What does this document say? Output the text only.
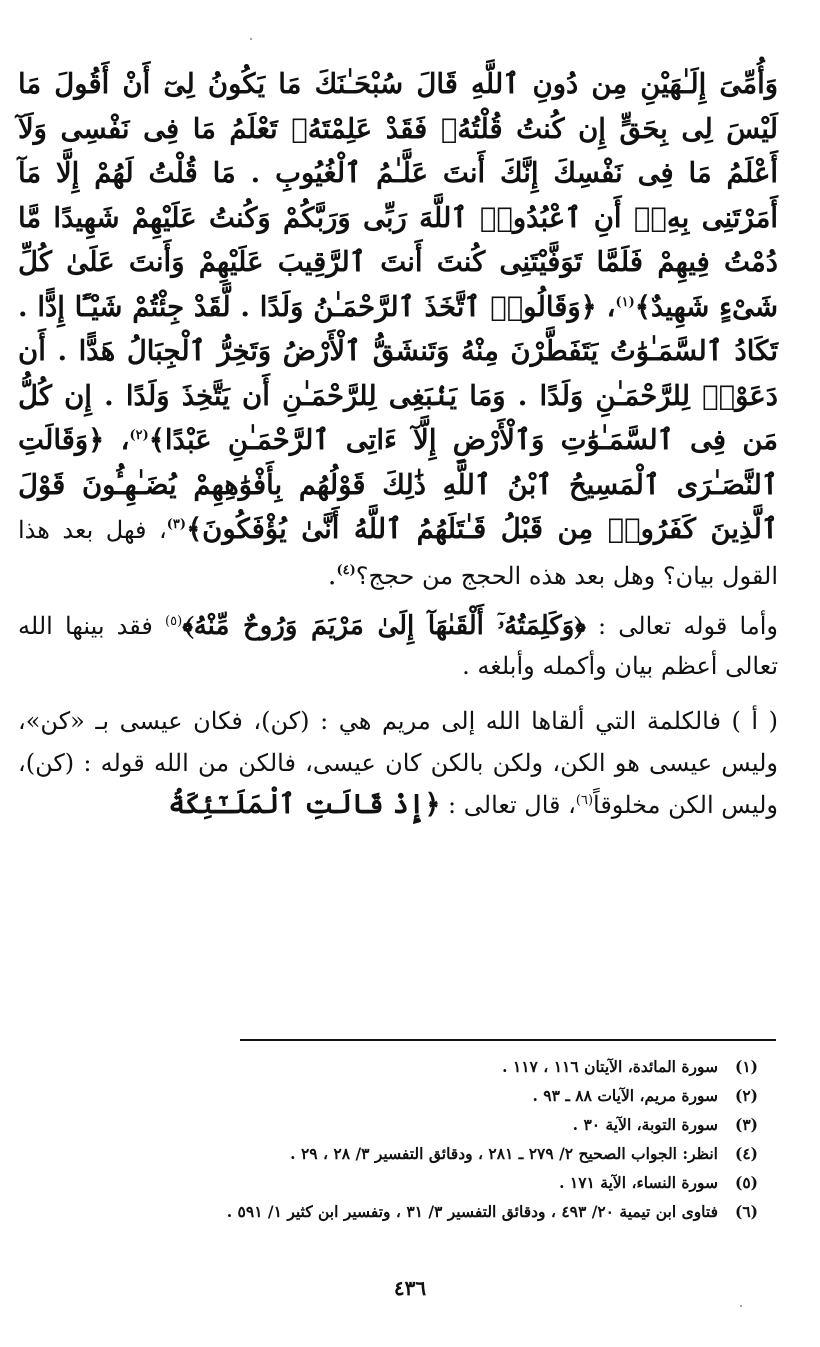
وَأُمِّىَ إِلَـٰهَيْنِ مِن دُونِ ٱللَّهِ قَالَ سُبْحَـٰنَكَ مَا يَكُونُ لِىٓ أَنْ أَقُولَ مَا لَيْسَ لِى بِحَقٍّ إِن كُنتُ قُلْتُهُۥ فَقَدْ عَلِمْتَهُۥ تَعْلَمُ مَا فِى نَفْسِى وَلَآ أَعْلَمُ مَا فِى نَفْسِكَ إِنَّكَ أَنتَ عَلَّـٰمُ ٱلْغُيُوبِ . مَا قُلْتُ لَهُمْ إِلَّا مَآ أَمَرْتَنِى بِهِۦٓ أَنِ ٱعْبُدُوا۟ ٱللَّهَ رَبِّى وَرَبَّكُمْ وَكُنتُ عَلَيْهِمْ شَهِيدًا مَّا دُمْتُ فِيهِمْ فَلَمَّا تَوَفَّيْتَنِى كُنتَ أَنتَ ٱلرَّقِيبَ عَلَيْهِمْ وَأَنتَ عَلَىٰ كُلِّ شَىْءٍ شَهِيدٌ﴾$^{(١)}$، ﴿وَقَالُوا۟ ٱتَّخَذَ ٱلرَّحْمَـٰنُ وَلَدًا . لَّقَدْ جِئْتُمْ شَيْـًٔا إِدًّا . تَكَادُ ٱلسَّمَـٰوَٰتُ يَتَفَطَّرْنَ مِنْهُ وَتَنشَقُّ ٱلْأَرْضُ وَتَخِرُّ ٱلْجِبَالُ هَدًّا . أَن دَعَوْا۟ لِلرَّحْمَـٰنِ وَلَدًا . وَمَا يَنۢبَغِى لِلرَّحْمَـٰنِ أَن يَتَّخِذَ وَلَدًا . إِن كُلُّ مَن فِى ٱلسَّمَـٰوَٰتِ وَٱلْأَرْضِ إِلَّآ ءَاتِى ٱلرَّحْمَـٰنِ عَبْدًا﴾$^{(٢)}$، ﴿وَقَالَتِ ٱلنَّصَـٰرَى ٱلْمَسِيحُ ٱبْنُ ٱللَّهِ ذَٰلِكَ قَوْلُهُم بِأَفْوَٰهِهِمْ يُضَـٰهِـُٔونَ قَوْلَ ٱلَّذِينَ كَفَرُوا۟ مِن قَبْلُ قَـٰتَلَهُمُ ٱللَّهُ أَنَّىٰ يُؤْفَكُونَ﴾$^{(٣)}$، فهل بعد هذا القول بيان؟ وهل بعد هذه الحجج من حجج؟$^{(٤)}$.

وأما قوله تعالى : ﴿وَكَلِمَتُهُۥٓ أَلْقَىٰهَآ إِلَىٰ مَرْيَمَ وَرُوحٌ مِّنْهُ﴾$^{(٥)}$ فقد بينها الله تعالى أعظم بيان وأكمله وأبلغه .

( أ ) فالكلمة التي ألقاها الله إلى مريم هي : (كن)، فكان عيسى بـ «كن»، وليس عيسى هو الكن، ولكن بالكن كان عيسى، فالكن من الله قوله : (كن)، وليس الكن مخلوقاً$^{(٦)}$، قال تعالى : ﴿إِذْ قَالَتِ ٱلْمَلَـٰٓئِكَةُ

(١)
سورة المائدة، الآيتان ١١٦ ، ١١٧ .
(٢)
سورة مريم، الآيات ٨٨ ـ ٩٣ .
(٣)
سورة التوبة، الآية ٣٠ .
(٤)
انظر: الجواب الصحيح ٢/ ٢٧٩ ـ ٢٨١ ، ودقائق التفسير ٣/ ٢٨ ، ٢٩ .
(٥)
سورة النساء، الآية ١٧١ .
(٦)
فتاوى ابن تيمية ٢٠/ ٤٩٣ ، ودقائق التفسير ٣/ ٣١ ، وتفسير ابن كثير ١/ ٥٩١ .
٤٣٦
